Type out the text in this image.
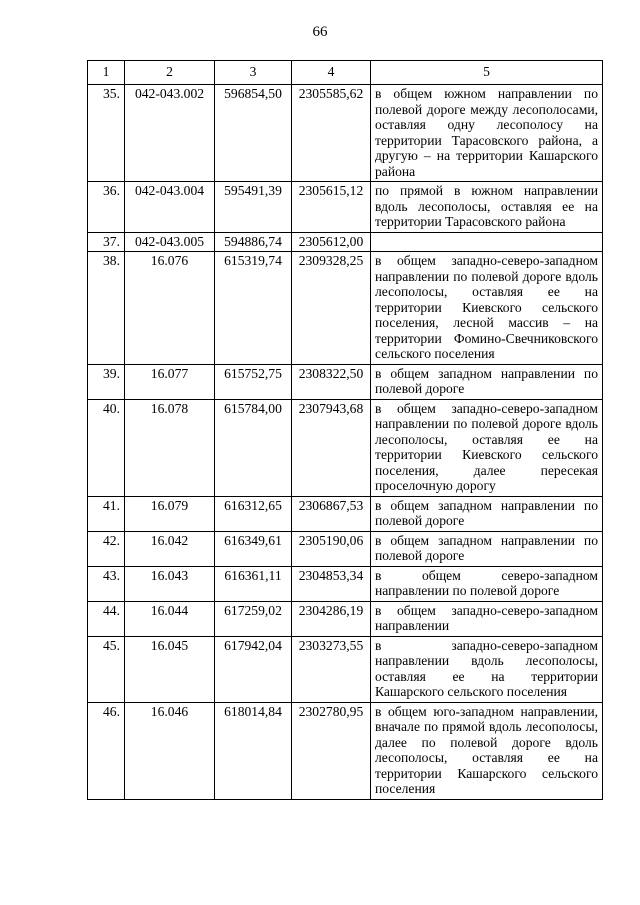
66
1	2	3	4	5
35.	042-043.002	596854,50	2305585,62	в общем южном направлении по полевой дороге между лесополосами, оставляя одну лесополосу на территории Тарасовского района, а другую – на территории Кашарского района
36.	042-043.004	595491,39	2305615,12	по прямой в южном направлении вдоль лесополосы, оставляя ее на территории Тарасовского района
37.	042-043.005	594886,74	2305612,00	
38.	16.076	615319,74	2309328,25	в общем западно-северо-западном направлении по полевой дороге вдоль лесополосы, оставляя ее на территории Киевского сельского поселения, лесной массив – на территории Фомино-Свечниковского сельского поселения
39.	16.077	615752,75	2308322,50	в общем западном направлении по полевой дороге
40.	16.078	615784,00	2307943,68	в общем западно-северо-западном направлении по полевой дороге вдоль лесополосы, оставляя ее на территории Киевского сельского поселения, далее пересекая проселочную дорогу
41.	16.079	616312,65	2306867,53	в общем западном направлении по полевой дороге
42.	16.042	616349,61	2305190,06	в общем западном направлении по полевой дороге
43.	16.043	616361,11	2304853,34	в общем северо-западном направлении по полевой дороге
44.	16.044	617259,02	2304286,19	в общем западно-северо-западном направлении
45.	16.045	617942,04	2303273,55	в западно-северо-западном направлении вдоль лесополосы, оставляя ее на территории Кашарского сельского поселения
46.	16.046	618014,84	2302780,95	в общем юго-западном направлении, вначале по прямой вдоль лесополосы, далее по полевой дороге вдоль лесополосы, оставляя ее на территории Кашарского сельского поселения
